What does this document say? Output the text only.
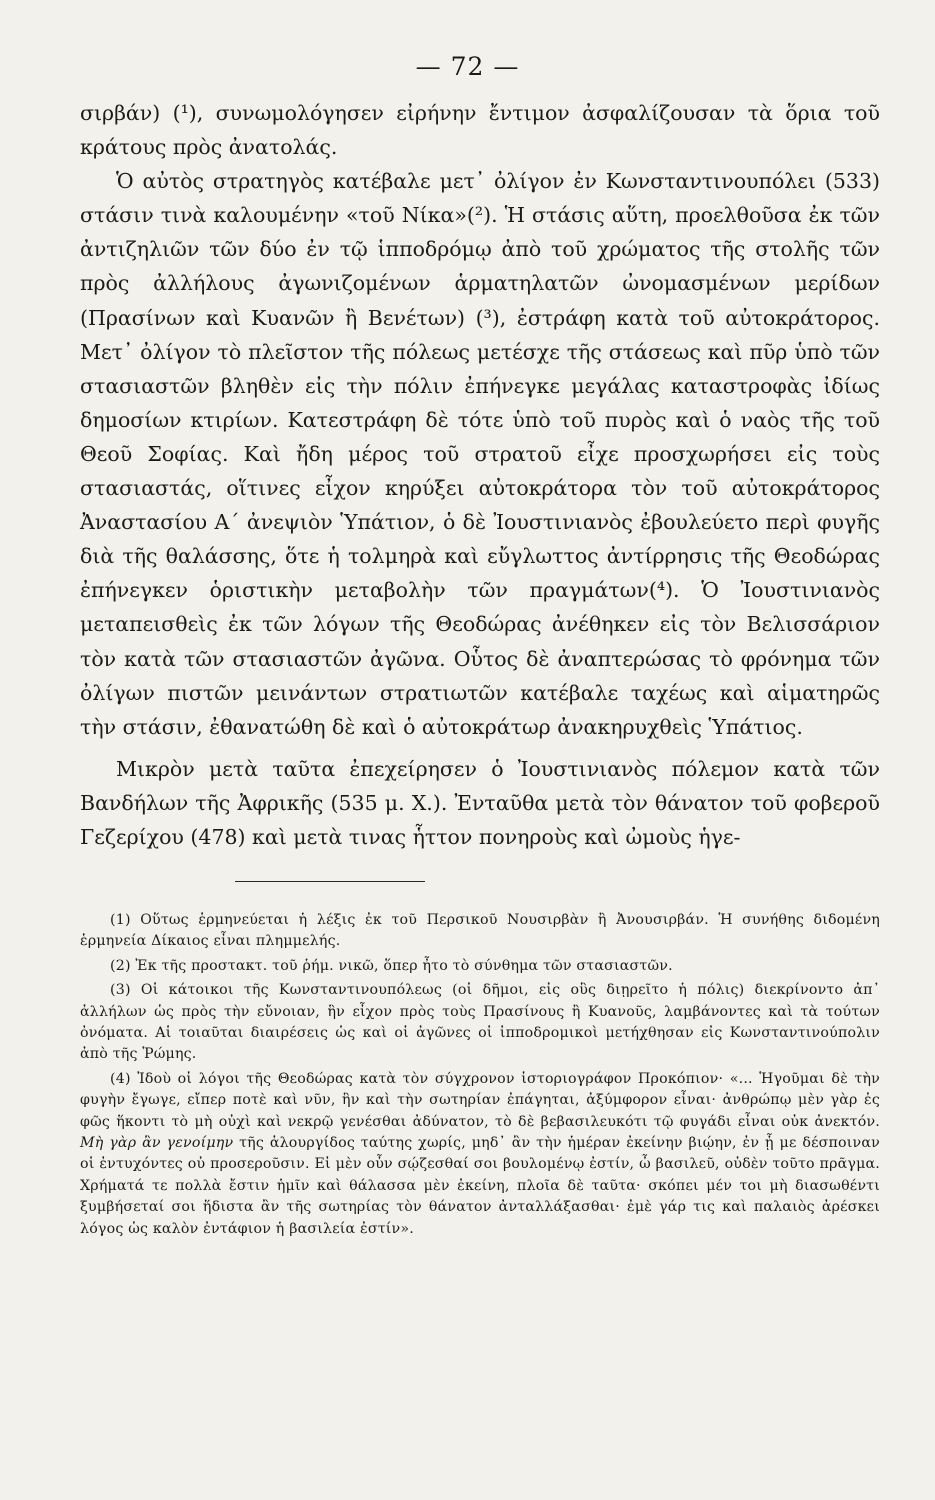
— 72 —

σιρβάν) (¹), συνωμολόγησεν εἰρήνην ἔντιμον ἀσφαλίζουσαν τὰ ὅρια τοῦ κράτους πρὸς ἀνατολάς.

Ὁ αὐτὸς στρατηγὸς κατέβαλε μετ᾽ ὀλίγον ἐν Κωνσταντινουπόλει (533) στάσιν τινὰ καλουμένην «τοῦ Νίκα»(²). Ἡ στάσις αὕτη, προελθοῦσα ἐκ τῶν ἀντιζηλιῶν τῶν δύο ἐν τῷ ἱπποδρόμῳ ἀπὸ τοῦ χρώματος τῆς στολῆς τῶν πρὸς ἀλλήλους ἀγωνιζομένων ἁρματηλατῶν ὠνομασμένων μερίδων (Πρασίνων καὶ Κυανῶν ἢ Βενέτων) (³), ἐστράφη κατὰ τοῦ αὐτοκράτορος. Μετ᾽ ὀλίγον τὸ πλεῖστον τῆς πόλεως μετέσχε τῆς στάσεως καὶ πῦρ ὑπὸ τῶν στασιαστῶν βληθὲν εἰς τὴν πόλιν ἐπήνεγκε μεγάλας καταστροφὰς ἰδίως δημοσίων κτιρίων. Κατεστράφη δὲ τότε ὑπὸ τοῦ πυρὸς καὶ ὁ ναὸς τῆς τοῦ Θεοῦ Σοφίας. Καὶ ἤδη μέρος τοῦ στρατοῦ εἶχε προσχωρήσει εἰς τοὺς στασιαστάς, οἵτινες εἶχον κηρύξει αὐτοκράτορα τὸν τοῦ αὐτοκράτορος Ἀναστασίου Α´ ἀνεψιὸν Ὑπάτιον, ὁ δὲ Ἰουστινιανὸς ἐβουλεύετο περὶ φυγῆς διὰ τῆς θαλάσσης, ὅτε ἡ τολμηρὰ καὶ εὔγλωττος ἀντίρρησις τῆς Θεοδώρας ἐπήνεγκεν ὁριστικὴν μεταβολὴν τῶν πραγμάτων(⁴). Ὁ Ἰουστινιανὸς μεταπεισθεὶς ἐκ τῶν λόγων τῆς Θεοδώρας ἀνέθηκεν εἰς τὸν Βελισσάριον τὸν κατὰ τῶν στασιαστῶν ἀγῶνα. Οὗτος δὲ ἀναπτερώσας τὸ φρόνημα τῶν ὀλίγων πιστῶν μεινάντων στρατιωτῶν κατέβαλε ταχέως καὶ αἱματηρῶς τὴν στάσιν, ἐθανατώθη δὲ καὶ ὁ αὐτοκράτωρ ἀνακηρυχθεὶς Ὑπάτιος.

Μικρὸν μετὰ ταῦτα ἐπεχείρησεν ὁ Ἰουστινιανὸς πόλεμον κατὰ τῶν Βανδήλων τῆς Ἀφρικῆς (535 μ. Χ.). Ἐνταῦθα μετὰ τὸν θάνατον τοῦ φοβεροῦ Γεζερίχου (478) καὶ μετὰ τινας ἧττον πονηροὺς καὶ ὠμοὺς ἡγε-

(1) Οὕτως ἑρμηνεύεται ἡ λέξις ἐκ τοῦ Περσικοῦ Νουσιρβὰν ἢ Ἀνουσιρβάν. Ἡ συνήθης διδομένη ἑρμηνεία Δίκαιος εἶναι πλημμελής.

(2) Ἐκ τῆς προστακτ. τοῦ ῥήμ. νικῶ, ὅπερ ἦτο τὸ σύνθημα τῶν στασιαστῶν.

(3) Οἱ κάτοικοι τῆς Κωνσταντινουπόλεως (οἱ δῆμοι, εἰς οὓς διῃρεῖτο ἡ πόλις) διεκρίνοντο ἀπ᾽ ἀλλήλων ὡς πρὸς τὴν εὔνοιαν, ἣν εἶχον πρὸς τοὺς Πρασίνους ἢ Κυανοῦς, λαμβάνοντες καὶ τὰ τούτων ὀνόματα. Αἱ τοιαῦται διαιρέσεις ὡς καὶ οἱ ἀγῶνες οἱ ἱπποδρομικοὶ μετήχθησαν εἰς Κωνσταντινούπολιν ἀπὸ τῆς Ῥώμης.

(4) Ἰδοὺ οἱ λόγοι τῆς Θεοδώρας κατὰ τὸν σύγχρονον ἱστοριογράφον Προκόπιον· «... Ἡγοῦμαι δὲ τὴν φυγὴν ἔγωγε, εἴπερ ποτὲ καὶ νῦν, ἣν καὶ τὴν σωτηρίαν ἐπάγηται, ἀξύμφορον εἶναι· ἀνθρώπῳ μὲν γὰρ ἐς φῶς ἥκοντι τὸ μὴ οὐχὶ καὶ νεκρῷ γενέσθαι ἀδύνατον, τὸ δὲ βεβασιλευκότι τῷ φυγάδι εἶναι οὐκ ἀνεκτόν. Μὴ γὰρ ἂν γενοίμην τῆς ἁλουργίδος ταύτης χωρίς, μηδ᾽ ἂν τὴν ἡμέραν ἐκείνην βιῴην, ἐν ᾗ με δέσποιναν οἱ ἐντυχόντες οὐ προσεροῦσιν. Εἰ μὲν οὖν σῴζεσθαί σοι βουλομένῳ ἐστίν, ὦ βασιλεῦ, οὐδὲν τοῦτο πρᾶγμα. Χρήματά τε πολλὰ ἔστιν ἡμῖν καὶ θάλασσα μὲν ἐκείνη, πλοῖα δὲ ταῦτα· σκόπει μέν τοι μὴ διασωθέντι ξυμβήσεταί σοι ἥδιστα ἂν τῆς σωτηρίας τὸν θάνατον ἀνταλλάξασθαι· ἐμὲ γάρ τις καὶ παλαιὸς ἀρέσκει λόγος ὡς καλὸν ἐντάφιον ἡ βασιλεία ἐστίν».
